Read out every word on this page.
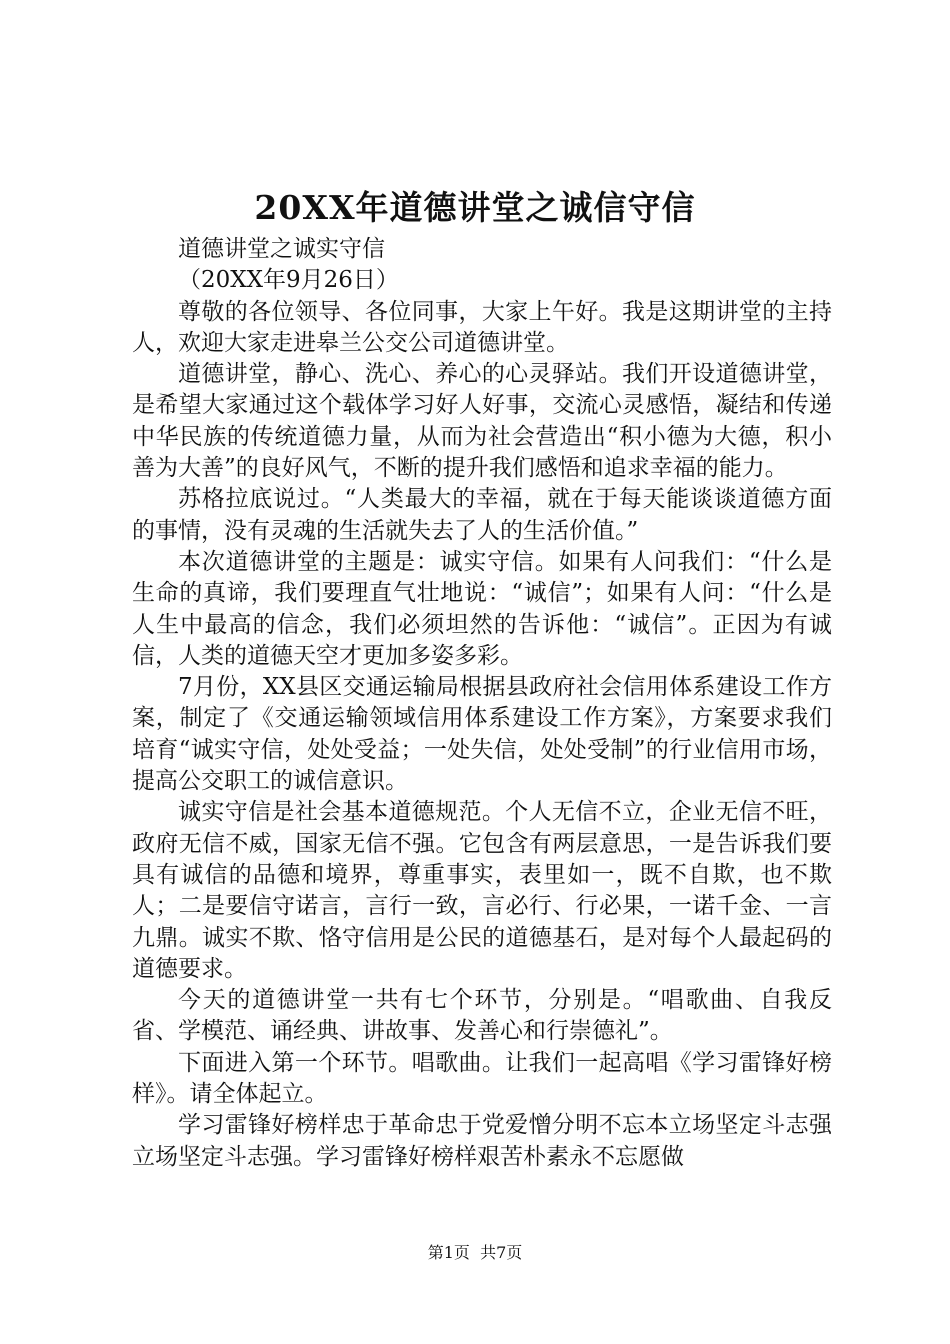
20XX年道德讲堂之诚信守信

道德讲堂之诚实守信

（20XX年9月26日）

尊敬的各位领导、各位同事，大家上午好。我是这期讲堂的主持人，欢迎大家走进皋兰公交公司道德讲堂。

道德讲堂，静心、洗心、养心的心灵驿站。我们开设道德讲堂，是希望大家通过这个载体学习好人好事，交流心灵感悟，凝结和传递中华民族的传统道德力量，从而为社会营造出“积小德为大德，积小善为大善”的良好风气，不断的提升我们感悟和追求幸福的能力。

苏格拉底说过。“人类最大的幸福，就在于每天能谈谈道德方面的事情，没有灵魂的生活就失去了人的生活价值。”

本次道德讲堂的主题是：诚实守信。如果有人问我们：“什么是生命的真谛，我们要理直气壮地说：“诚信”；如果有人问：“什么是人生中最高的信念，我们必须坦然的告诉他：“诚信”。正因为有诚信，人类的道德天空才更加多姿多彩。

7月份，XX县区交通运输局根据县政府社会信用体系建设工作方案，制定了《交通运输领域信用体系建设工作方案》，方案要求我们培育“诚实守信，处处受益；一处失信，处处受制”的行业信用市场，提高公交职工的诚信意识。

诚实守信是社会基本道德规范。个人无信不立，企业无信不旺，政府无信不威，国家无信不强。它包含有两层意思，一是告诉我们要具有诚信的品德和境界，尊重事实，表里如一，既不自欺，也不欺人；二是要信守诺言，言行一致，言必行、行必果，一诺千金、一言九鼎。诚实不欺、恪守信用是公民的道德基石，是对每个人最起码的道德要求。

今天的道德讲堂一共有七个环节，分别是。“唱歌曲、自我反省、学模范、诵经典、讲故事、发善心和行崇德礼”。

下面进入第一个环节。唱歌曲。让我们一起高唱《学习雷锋好榜样》。请全体起立。

学习雷锋好榜样忠于革命忠于党爱憎分明不忘本立场坚定斗志强立场坚定斗志强。学习雷锋好榜样艰苦朴素永不忘愿做

第1页 共7页
